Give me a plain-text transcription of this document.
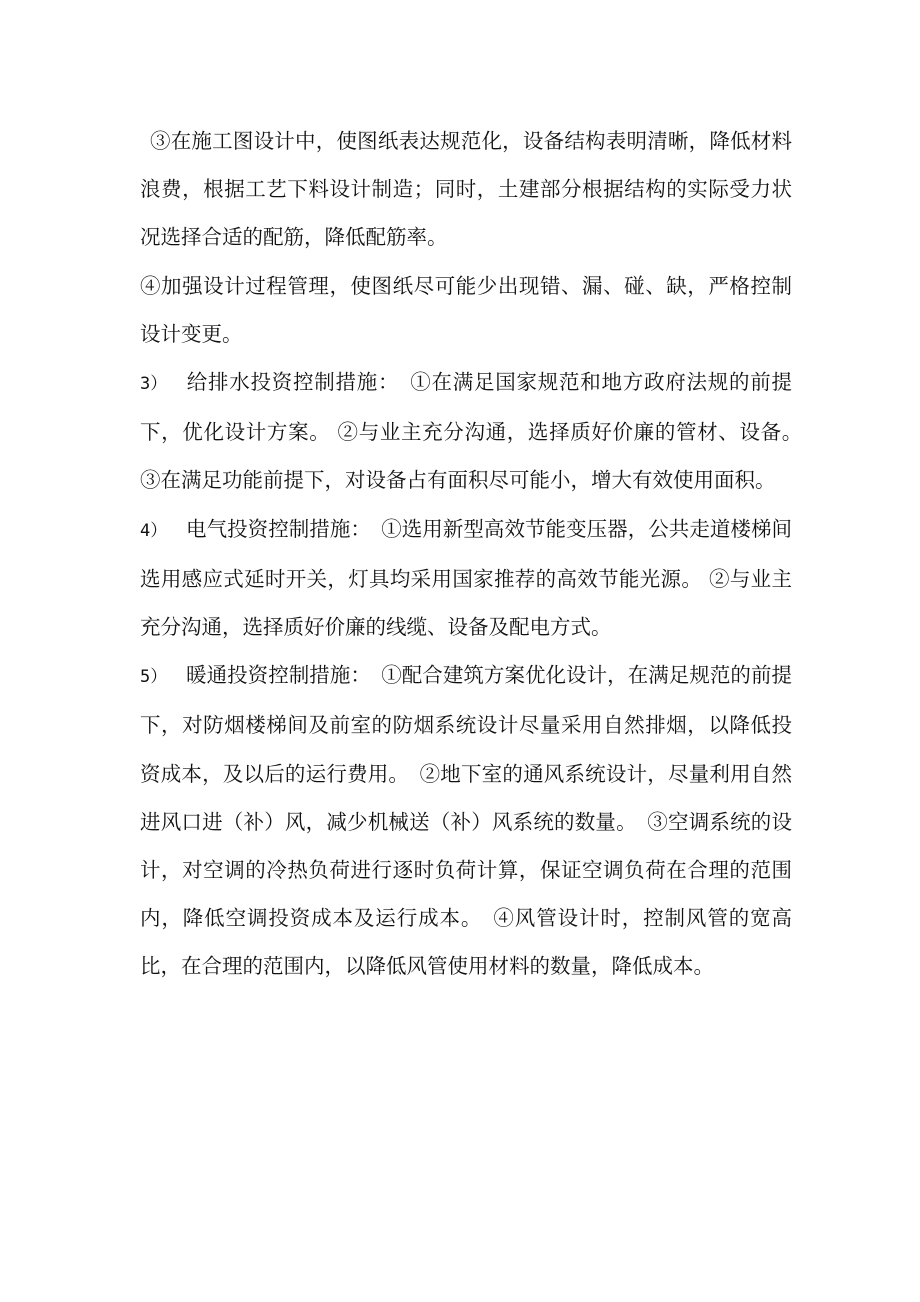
③在施工图设计中，使图纸表达规范化，设备结构表明清晰，降低材料浪费，根据工艺下料设计制造；同时，土建部分根据结构的实际受力状况选择合适的配筋，降低配筋率。

④加强设计过程管理，使图纸尽可能少出现错、漏、碰、缺，严格控制设计变更。

3） 给排水投资控制措施：　①在满足国家规范和地方政府法规的前提下，优化设计方案。 ②与业主充分沟通，选择质好价廉的管材、设备。　③在满足功能前提下，对设备占有面积尽可能小，增大有效使用面积。

4） 电气投资控制措施：　①选用新型高效节能变压器，公共走道楼梯间选用感应式延时开关，灯具均采用国家推荐的高效节能光源。 ②与业主充分沟通，选择质好价廉的线缆、设备及配电方式。

5） 暖通投资控制措施：　①配合建筑方案优化设计，在满足规范的前提下，对防烟楼梯间及前室的防烟系统设计尽量采用自然排烟，以降低投资成本，及以后的运行费用。　②地下室的通风系统设计，尽量利用自然进风口进（补）风，减少机械送（补）风系统的数量。　③空调系统的设计，对空调的冷热负荷进行逐时负荷计算，保证空调负荷在合理的范围内，降低空调投资成本及运行成本。　④风管设计时，控制风管的宽高比，在合理的范围内，以降低风管使用材料的数量，降低成本。
